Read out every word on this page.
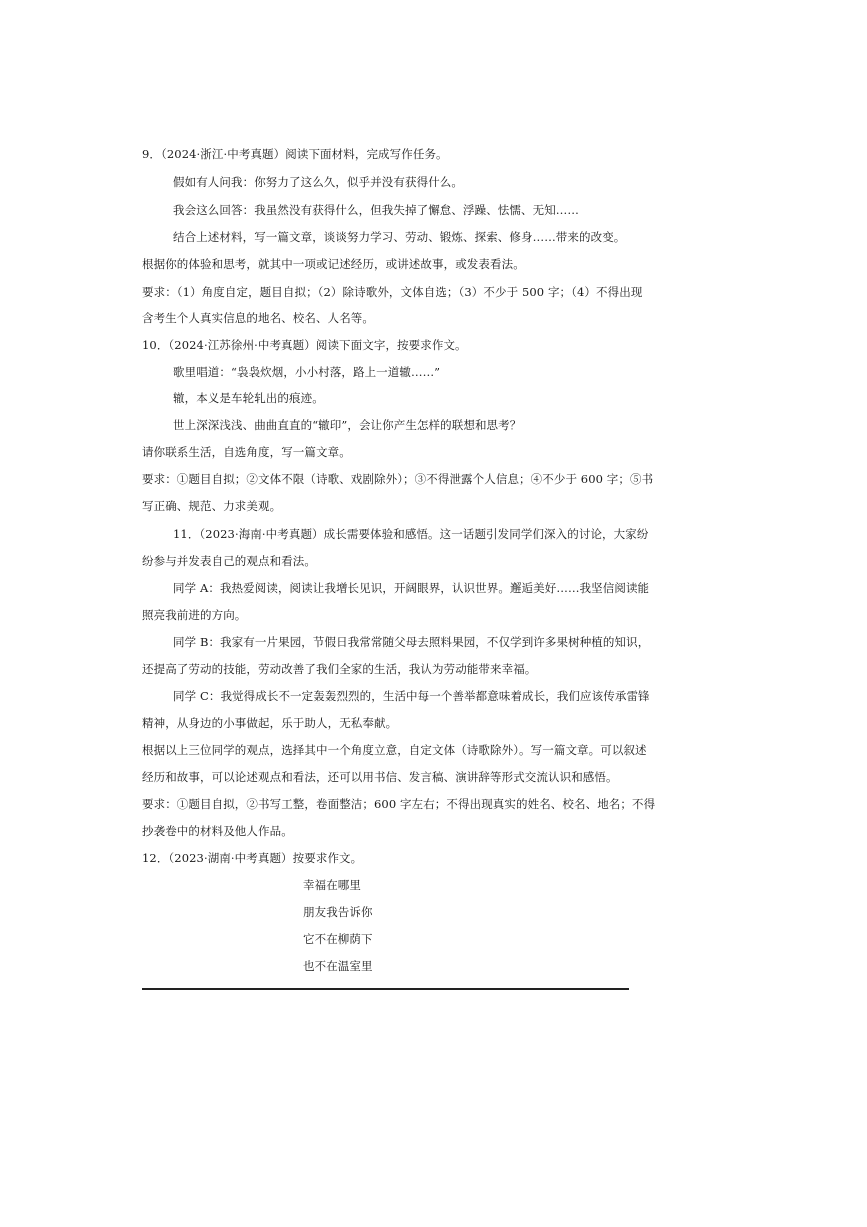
9．（2024·浙江·中考真题）阅读下面材料，完成写作任务。
假如有人问我：你努力了这么久，似乎并没有获得什么。
我会这么回答：我虽然没有获得什么，但我失掉了懈怠、浮躁、怯懦、无知……
结合上述材料，写一篇文章，谈谈努力学习、劳动、锻炼、探索、修身……带来的改变。
根据你的体验和思考，就其中一项或记述经历，或讲述故事，或发表看法。
要求：（1）角度自定，题目自拟；（2）除诗歌外，文体自选；（3）不少于 500 字；（4）不得出现
含考生个人真实信息的地名、校名、人名等。
10．（2024·江苏徐州·中考真题）阅读下面文字，按要求作文。
歌里唱道：“袅袅炊烟，小小村落，路上一道辙……”
辙，本义是车轮轧出的痕迹。
世上深深浅浅、曲曲直直的“辙印”，会让你产生怎样的联想和思考？
请你联系生活，自选角度，写一篇文章。
要求：①题目自拟；②文体不限（诗歌、戏剧除外）；③不得泄露个人信息；④不少于 600 字；⑤书
写正确、规范、力求美观。
11．（2023·海南·中考真题）成长需要体验和感悟。这一话题引发同学们深入的讨论，大家纷
纷参与并发表自己的观点和看法。
同学 A：我热爱阅读，阅读让我增长见识，开阔眼界，认识世界。邂逅美好……我坚信阅读能
照亮我前进的方向。
同学 B：我家有一片果园，节假日我常常随父母去照料果园，不仅学到许多果树种植的知识，
还提高了劳动的技能，劳动改善了我们全家的生活，我认为劳动能带来幸福。
同学 C：我觉得成长不一定轰轰烈烈的，生活中每一个善举都意味着成长，我们应该传承雷锋
精神，从身边的小事做起，乐于助人，无私奉献。
根据以上三位同学的观点，选择其中一个角度立意，自定文体（诗歌除外）。写一篇文章。可以叙述
经历和故事，可以论述观点和看法，还可以用书信、发言稿、演讲辞等形式交流认识和感悟。
要求：①题目自拟，②书写工整，卷面整洁；600 字左右；不得出现真实的姓名、校名、地名；不得
抄袭卷中的材料及他人作品。
12．（2023·湖南·中考真题）按要求作文。
幸福在哪里
朋友我告诉你
它不在柳荫下
也不在温室里
